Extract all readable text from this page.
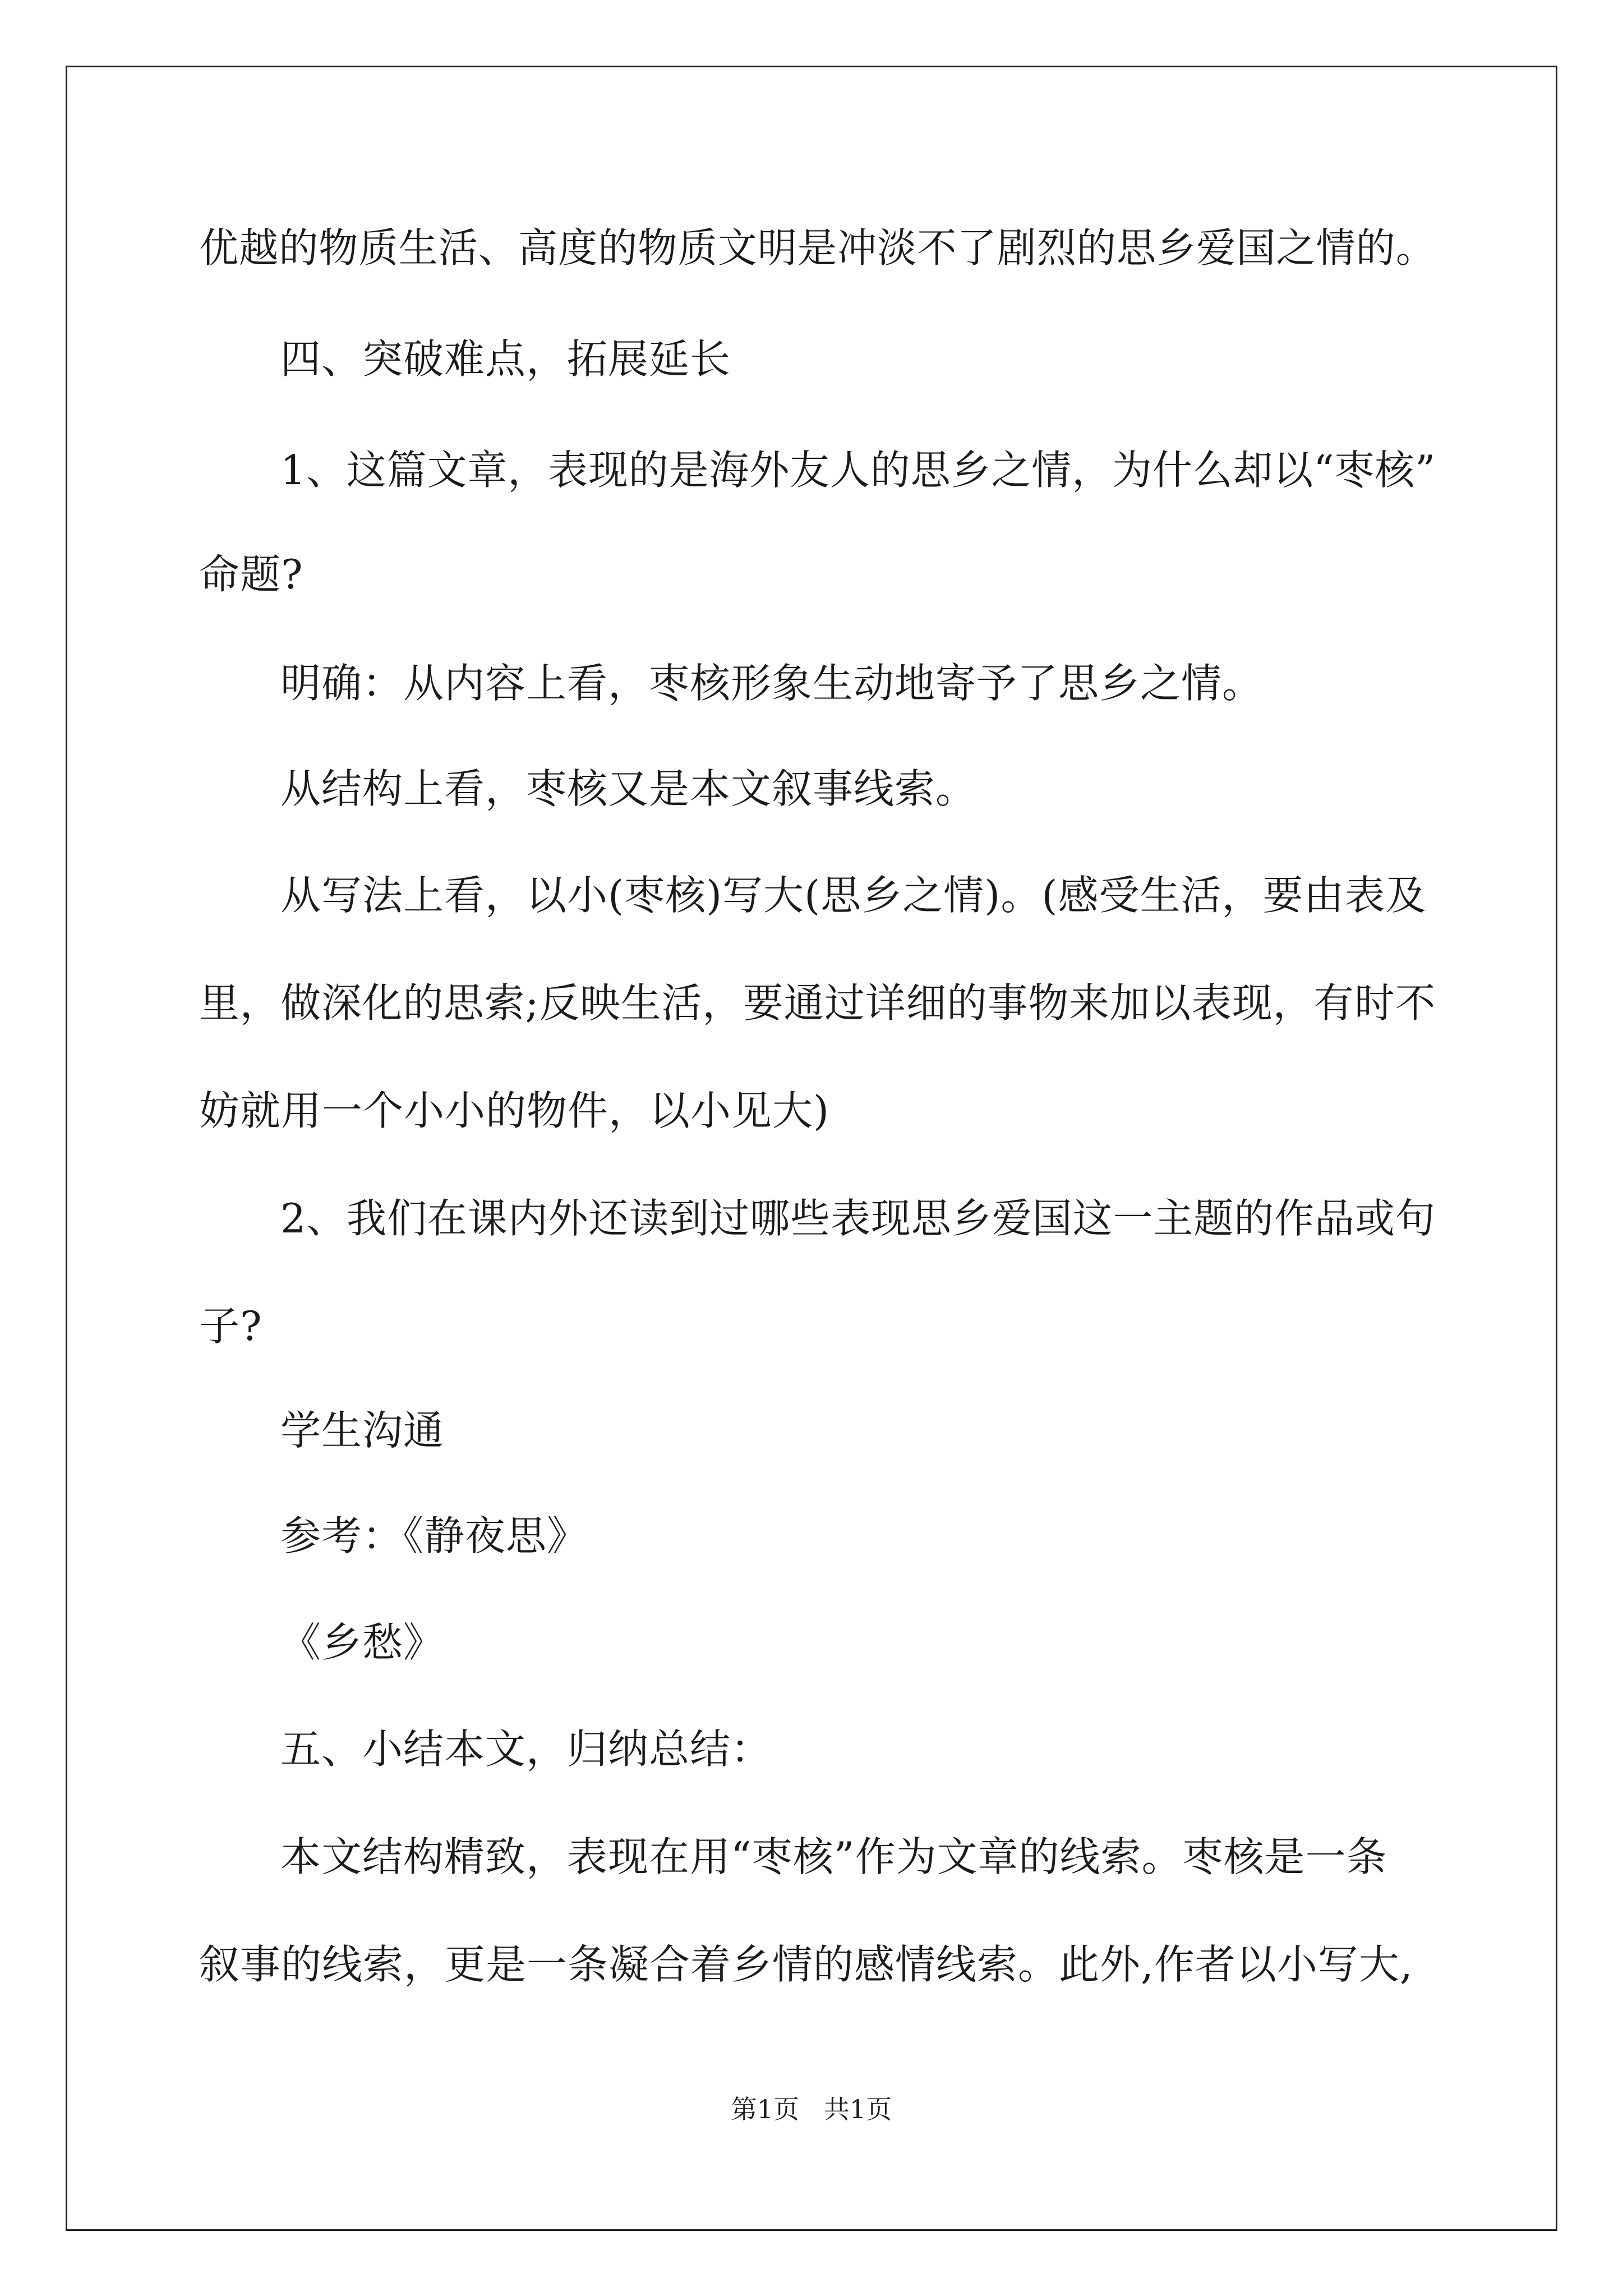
优越的物质生活、高度的物质文明是冲淡不了剧烈的思乡爱国之情的。
四、突破难点，拓展延长
1、这篇文章，表现的是海外友人的思乡之情，为什么却以“枣核”
命题?
明确：从内容上看，枣核形象生动地寄予了思乡之情。
从结构上看，枣核又是本文叙事线索。
从写法上看，以小(枣核)写大(思乡之情)。(感受生活，要由表及
里，做深化的思索;反映生活，要通过详细的事物来加以表现，有时不
妨就用一个小小的物件，以小见大)
2、我们在课内外还读到过哪些表现思乡爱国这一主题的作品或句
子?
学生沟通
参考：《静夜思》
《乡愁》
五、小结本文，归纳总结：
本文结构精致，表现在用“枣核”作为文章的线索。枣核是一条
叙事的线索，更是一条凝合着乡情的感情线索。此外,作者以小写大,
第1页   共1页
